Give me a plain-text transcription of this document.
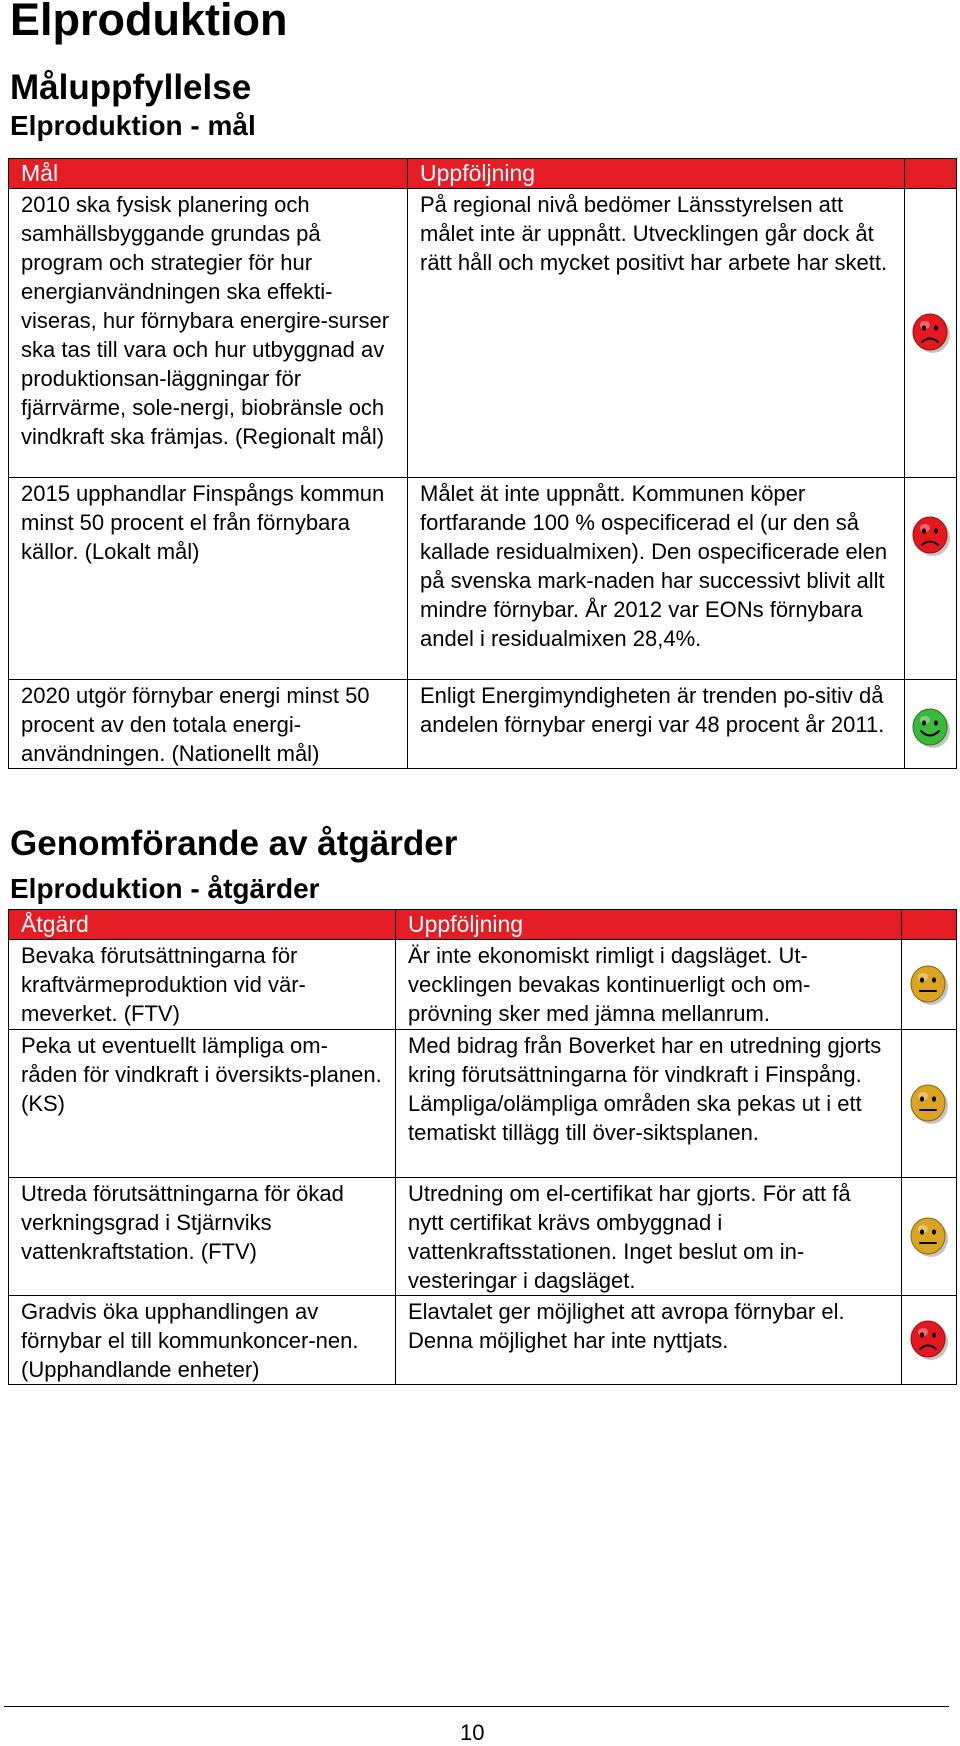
Elproduktion
Måluppfyllelse
Elproduktion - mål
Mål	Uppföljning	
2010 ska fysisk planering och samhällsbyggande grundas på program och strategier för hur energianvändningen ska effekti-viseras, hur förnybara energire-surser ska tas till vara och hur utbyggnad av produktionsan-läggningar för fjärrvärme, sole-nergi, biobränsle och vindkraft ska främjas. (Regionalt mål)	På regional nivå bedömer Länsstyrelsen att målet inte är uppnått. Utvecklingen går dock åt rätt håll och mycket positivt har arbete har skett.	
2015 upphandlar Finspångs kommun minst 50 procent el från förnybara källor. (Lokalt mål)	Målet ät inte uppnått. Kommunen köper fortfarande 100 % ospecificerad el (ur den så kallade residualmixen). Den ospecificerade elen på svenska mark-naden har successivt blivit allt mindre förnybar. År 2012 var EONs förnybara andel i residualmixen 28,4%.	
2020 utgör förnybar energi minst 50 procent av den totala energi-användningen. (Nationellt mål)	Enligt Energimyndigheten är trenden po-sitiv då andelen förnybar energi var 48 procent år 2011.	
Genomförande av åtgärder
Elproduktion - åtgärder
Åtgärd	Uppföljning	
Bevaka förutsättningarna för kraftvärmeproduktion vid vär-meverket. (FTV)	Är inte ekonomiskt rimligt i dagsläget. Ut-vecklingen bevakas kontinuerligt och om-prövning sker med jämna mellanrum.	
Peka ut eventuellt lämpliga om-råden för vindkraft i översikts-planen. (KS)	Med bidrag från Boverket har en utredning gjorts kring förutsättningarna för vindkraft i Finspång. Lämpliga/olämpliga områden ska pekas ut i ett tematiskt tillägg till över-siktsplanen.	
Utreda förutsättningarna för ökad verkningsgrad i Stjärnviks vattenkraftstation. (FTV)	Utredning om el-certifikat har gjorts. För att få nytt certifikat krävs ombyggnad i vattenkraftsstationen. Inget beslut om in-vesteringar i dagsläget.	
Gradvis öka upphandlingen av förnybar el till kommunkoncer-nen. (Upphandlande enheter)	Elavtalet ger möjlighet att avropa förnybar el. Denna möjlighet har inte nyttjats.	
10
